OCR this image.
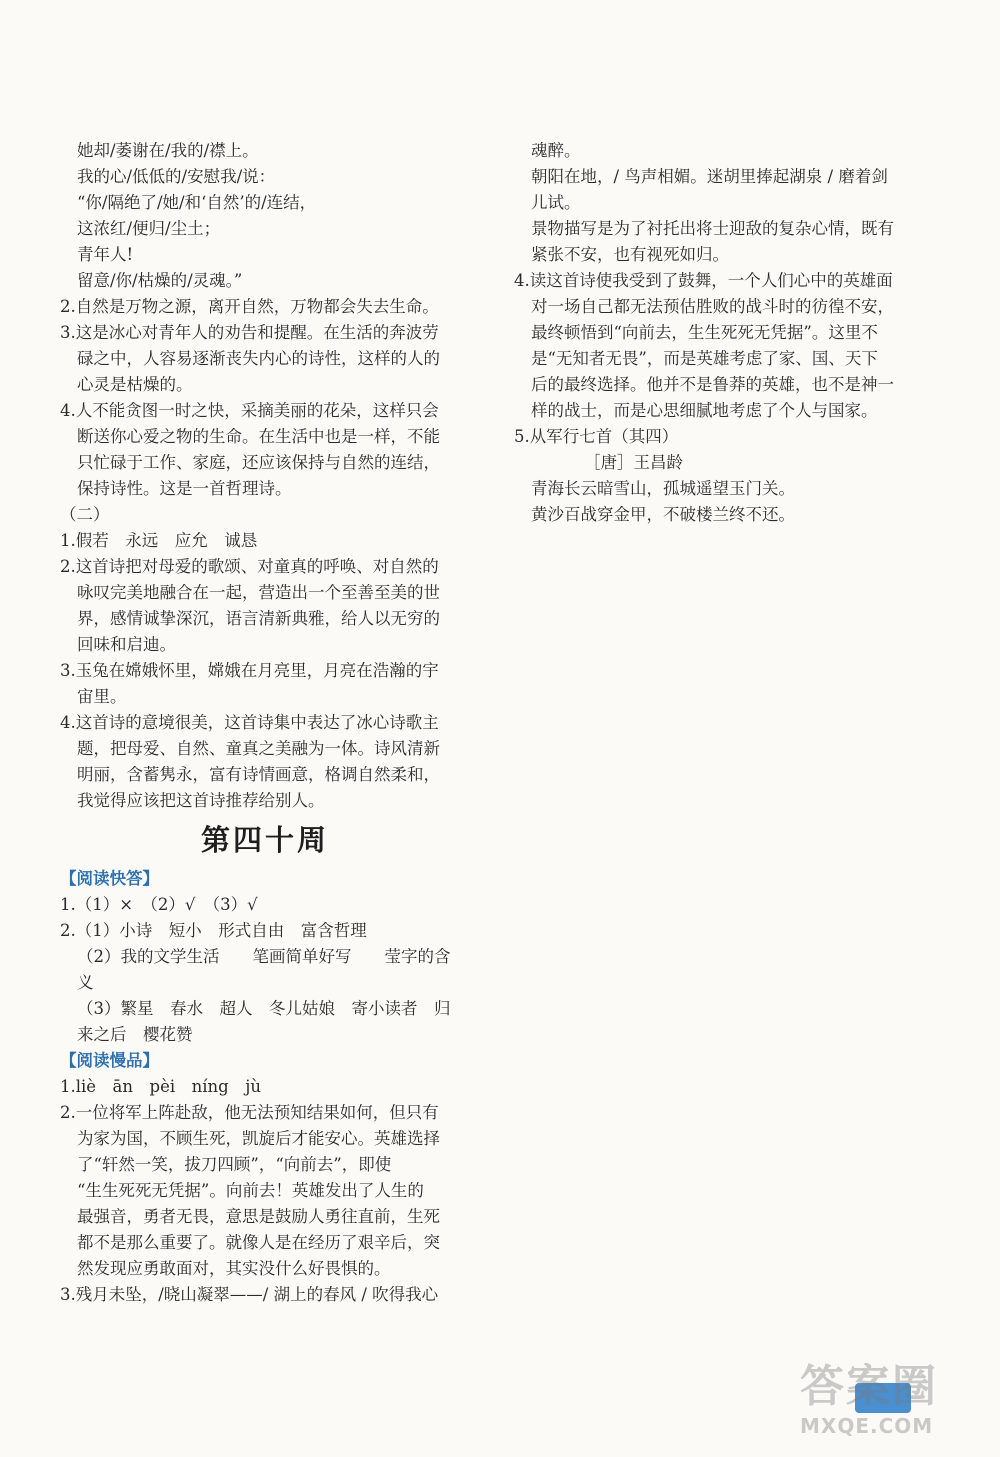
她却/萎谢在/我的/襟上。
我的心/低低的/安慰我/说：
“你/隔绝了/她/和‘自然’的/连结，
这浓红/便归/尘土；
青年人!
留意/你/枯燥的/灵魂。”
2.自然是万物之源，离开自然，万物都会失去生命。
3.这是冰心对青年人的劝告和提醒。在生活的奔波劳
碌之中，人容易逐渐丧失内心的诗性，这样的人的
心灵是枯燥的。
4.人不能贪图一时之快，采摘美丽的花朵，这样只会
断送你心爱之物的生命。在生活中也是一样，不能
只忙碌于工作、家庭，还应该保持与自然的连结，
保持诗性。这是一首哲理诗。
（二）
1.假若　永远　应允　诚恳
2.这首诗把对母爱的歌颂、对童真的呼唤、对自然的
咏叹完美地融合在一起，营造出一个至善至美的世
界，感情诚挚深沉，语言清新典雅，给人以无穷的
回味和启迪。
3.玉兔在嫦娥怀里，嫦娥在月亮里，月亮在浩瀚的宇
宙里。
4.这首诗的意境很美，这首诗集中表达了冰心诗歌主
题，把母爱、自然、童真之美融为一体。诗风清新
明丽，含蓄隽永，富有诗情画意，格调自然柔和，
我觉得应该把这首诗推荐给别人。
第四十周
【阅读快答】
1.（1）×　（2）√　（3）√
2.（1）小诗　短小　形式自由　富含哲理
（2）我的文学生活　　笔画简单好写　　莹字的含
义
（3）繁星　春水　超人　冬儿姑娘　寄小读者　归
来之后　樱花赞
【阅读慢品】
1.liè　ān　pèi　níng　jù
2.一位将军上阵赴敌，他无法预知结果如何，但只有
为家为国，不顾生死，凯旋后才能安心。英雄选择
了“轩然一笑，拔刀四顾”，“向前去”，即使
“生生死死无凭据”。向前去！英雄发出了人生的
最强音，勇者无畏，意思是鼓励人勇往直前，生死
都不是那么重要了。就像人是在经历了艰辛后，突
然发现应勇敢面对，其实没什么好畏惧的。
3.残月未坠，/晓山凝翠——/ 湖上的春风 / 吹得我心
魂醉。
朝阳在地，/ 鸟声相媚。迷胡里捧起湖泉 / 磨着剑
儿试。
景物描写是为了衬托出将士迎敌的复杂心情，既有
紧张不安，也有视死如归。
4.读这首诗使我受到了鼓舞，一个人们心中的英雄面
对一场自己都无法预估胜败的战斗时的彷徨不安，
最终顿悟到“向前去，生生死死无凭据”。这里不
是“无知者无畏”，而是英雄考虑了家、国、天下
后的最终选择。他并不是鲁莽的英雄，也不是神一
样的战士，而是心思细腻地考虑了个人与国家。
5.从军行七首（其四）
［唐］王昌龄
青海长云暗雪山，孤城遥望玉门关。
黄沙百战穿金甲，不破楼兰终不还。
答案圈
MXQE.COM
